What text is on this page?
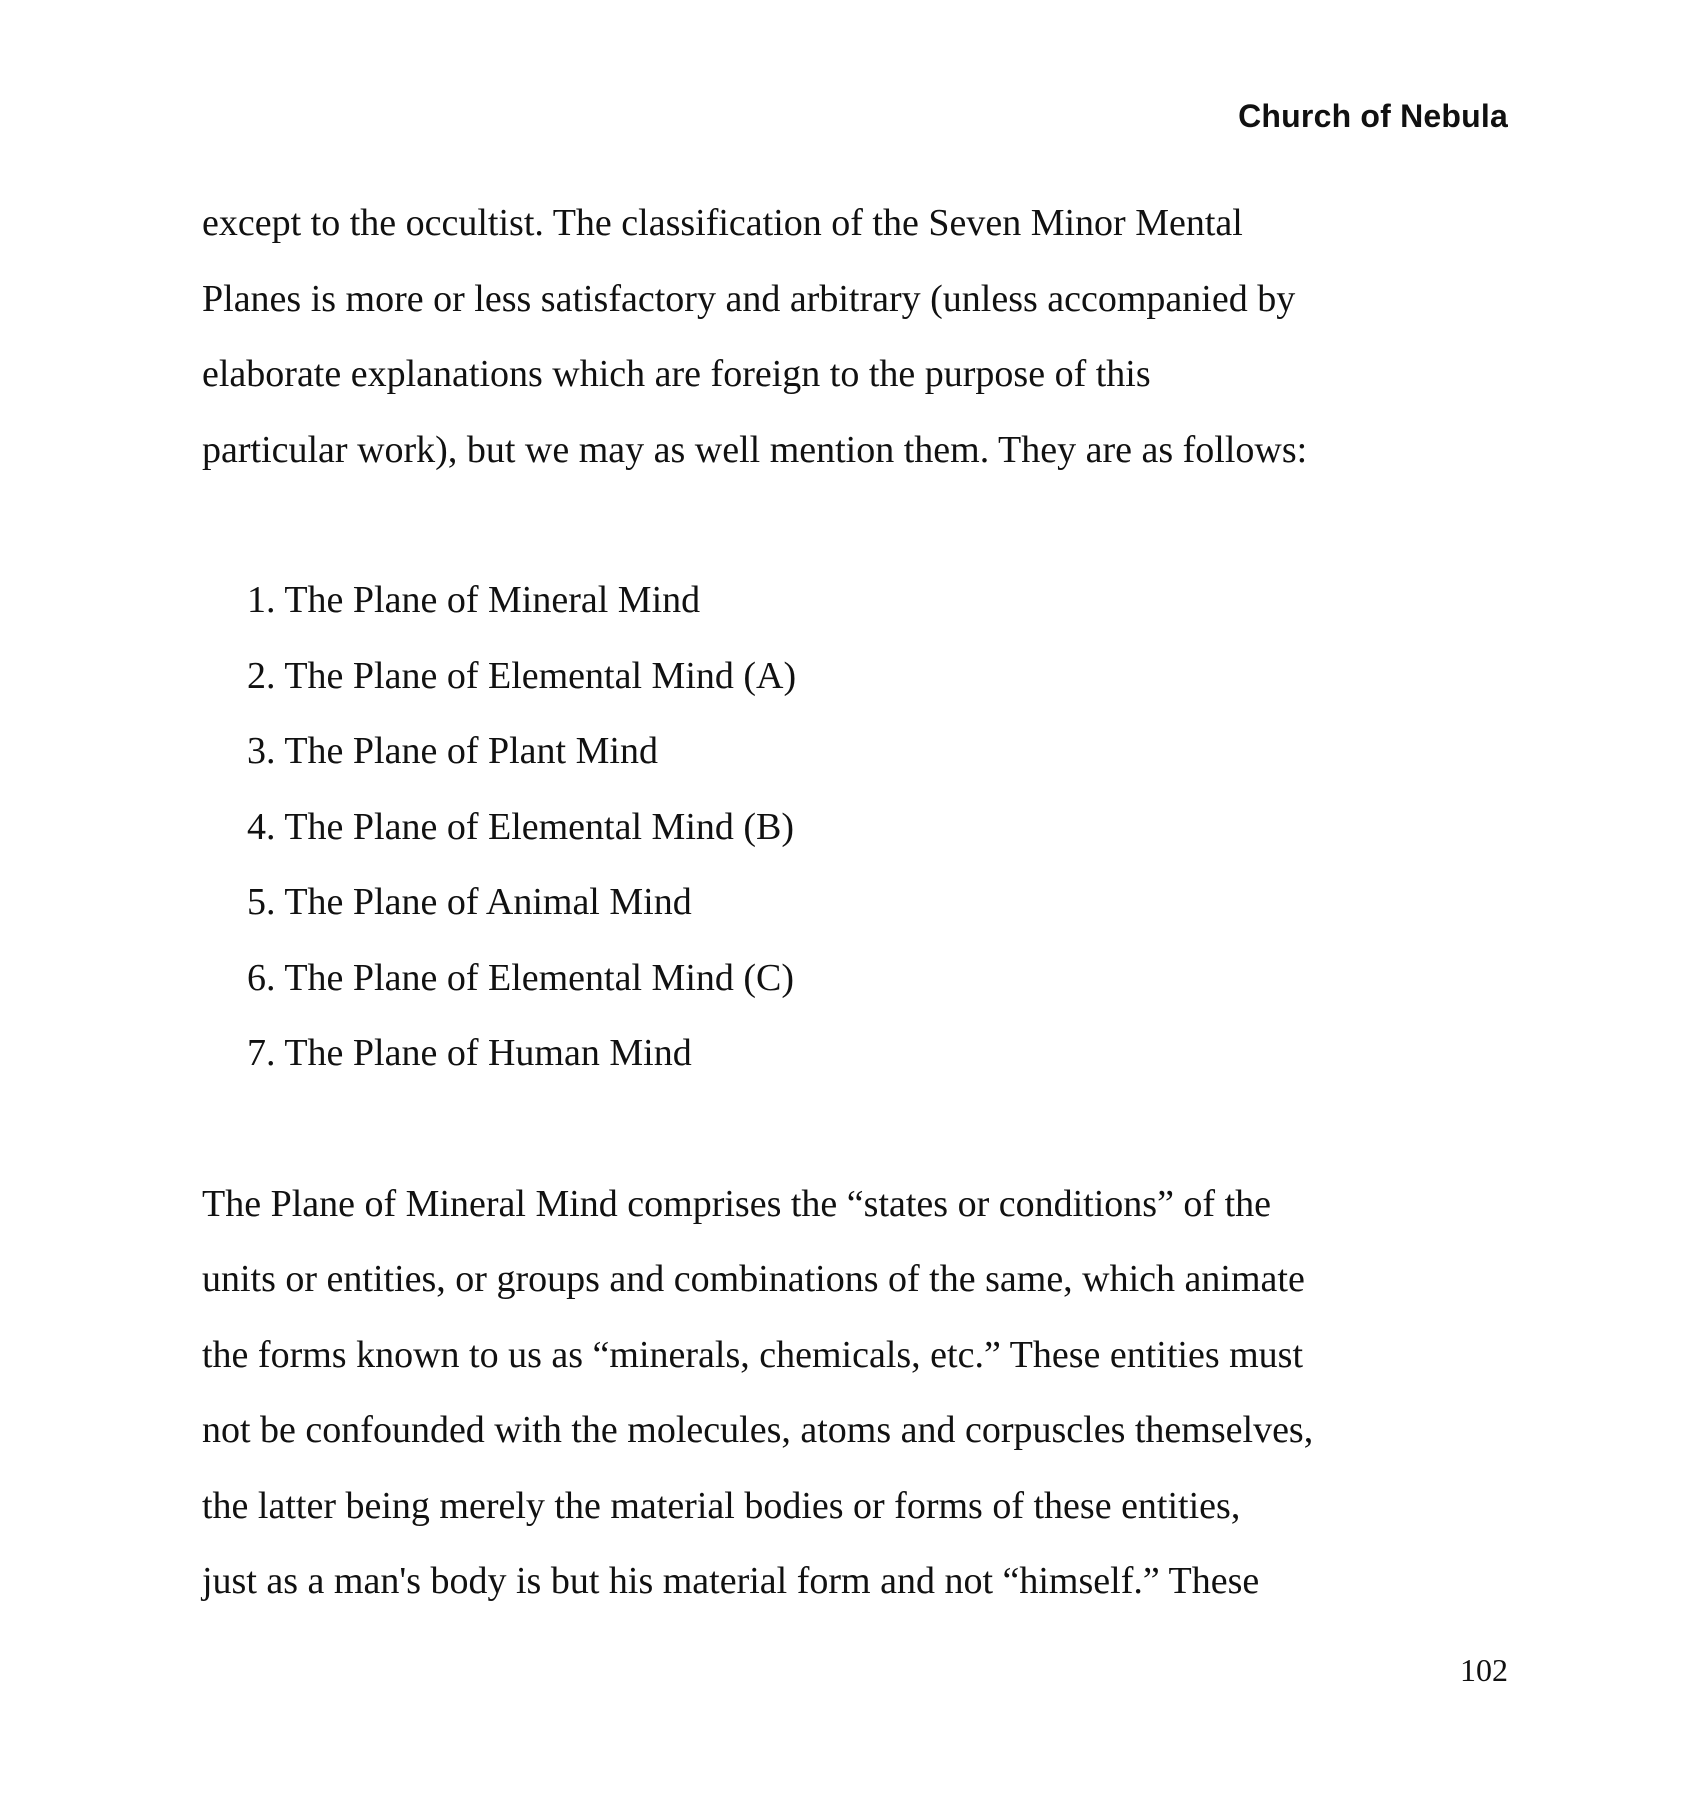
Church of Nebula

except to the occultist. The classification of the Seven Minor Mental
Planes is more or less satisfactory and arbitrary (unless accompanied by
elaborate explanations which are foreign to the purpose of this
particular work), but we may as well mention them. They are as follows:

1. The Plane of Mineral Mind
2. The Plane of Elemental Mind (A)
3. The Plane of Plant Mind
4. The Plane of Elemental Mind (B)
5. The Plane of Animal Mind
6. The Plane of Elemental Mind (C)
7. The Plane of Human Mind

The Plane of Mineral Mind comprises the “states or conditions” of the
units or entities, or groups and combinations of the same, which animate
the forms known to us as “minerals, chemicals, etc.” These entities must
not be confounded with the molecules, atoms and corpuscles themselves,
the latter being merely the material bodies or forms of these entities,
just as a man's body is but his material form and not “himself.” These

102
